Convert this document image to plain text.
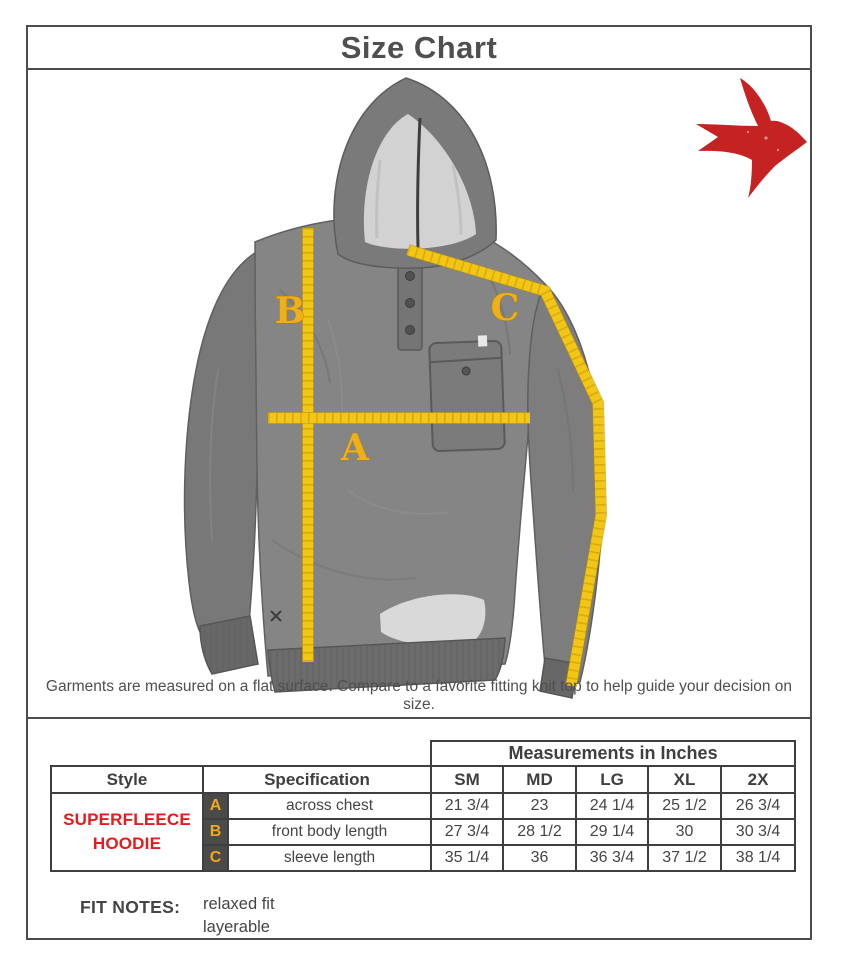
Size Chart
B
A
C
Garments are measured on a flat surface. Compare to a favorite fitting knit top to help guide your decision on size.
			Measurements in Inches				
Style	Specification		SM	MD	LG	XL	2X

SUPERFLEECE
HOODIE	A	across chest	21 3/4	23	24 1/4	25 1/2	26 3/4
	B	front body length	27 3/4	28 1/2	29 1/4	30	30 3/4
	C	sleeve length	35 1/4	36	36 3/4	37 1/2	38 1/4
FIT NOTES: relaxed fit
layerable
